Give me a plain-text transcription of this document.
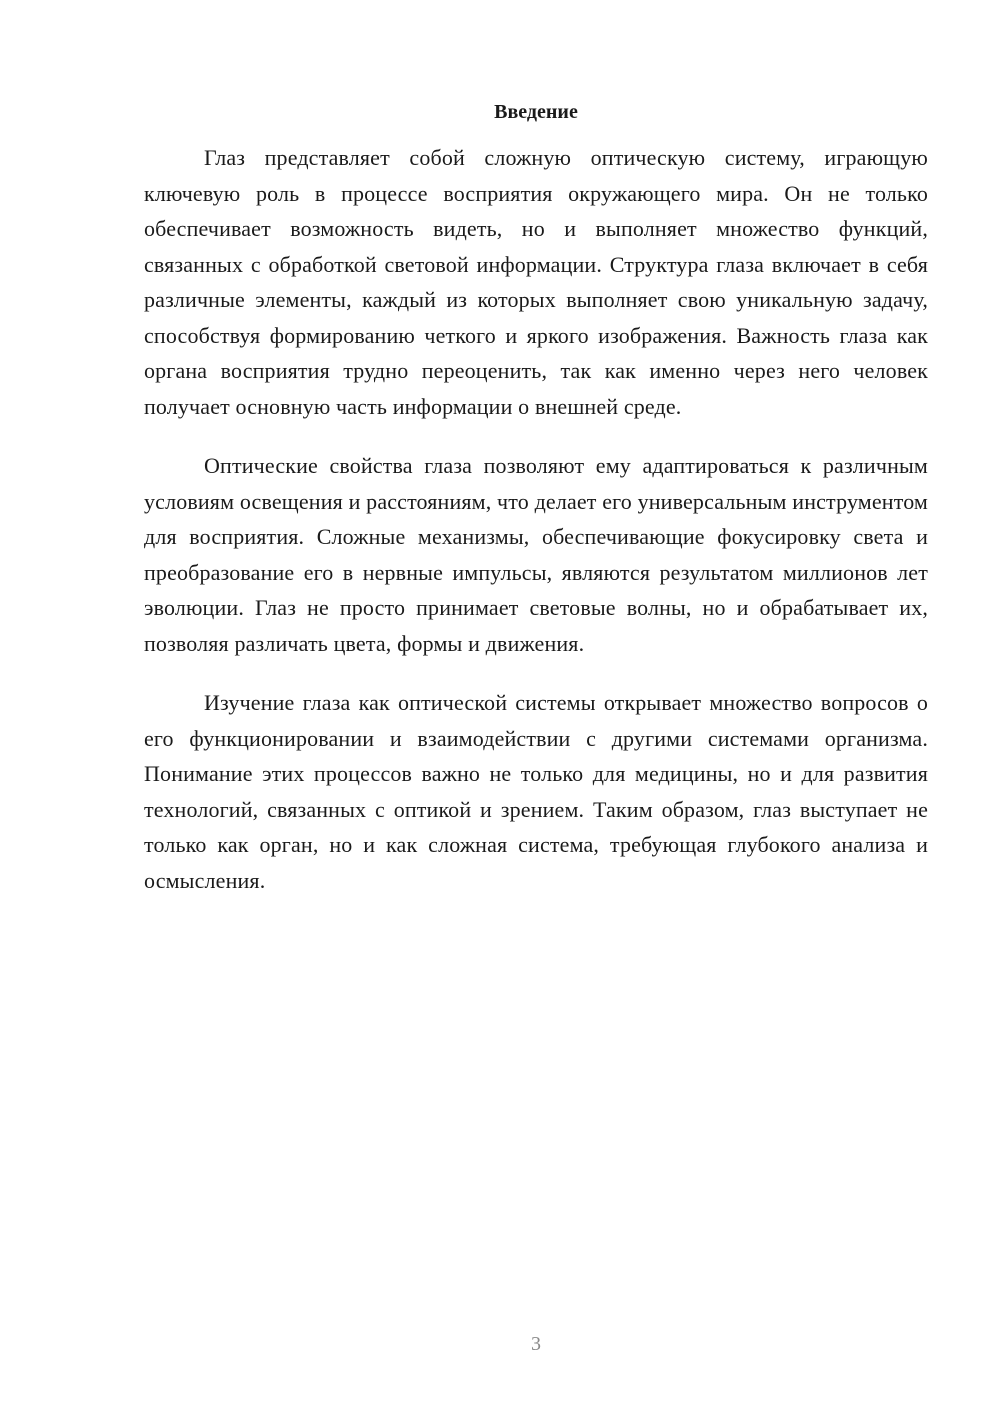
Введение

Глаз представляет собой сложную оптическую систему, играющую ключевую роль в процессе восприятия окружающего мира. Он не только обеспечивает возможность видеть, но и выполняет множество функций, связанных с обработкой световой информации. Структура глаза включает в себя различные элементы, каждый из которых выполняет свою уникальную задачу, способствуя формированию четкого и яркого изображения. Важность глаза как органа восприятия трудно переоценить, так как именно через него человек получает основную часть информации о внешней среде.

Оптические свойства глаза позволяют ему адаптироваться к различным условиям освещения и расстояниям, что делает его универсальным инструментом для восприятия. Сложные механизмы, обеспечивающие фокусировку света и преобразование его в нервные импульсы, являются результатом миллионов лет эволюции. Глаз не просто принимает световые волны, но и обрабатывает их, позволяя различать цвета, формы и движения.

Изучение глаза как оптической системы открывает множество вопросов о его функционировании и взаимодействии с другими системами организма. Понимание этих процессов важно не только для медицины, но и для развития технологий, связанных с оптикой и зрением. Таким образом, глаз выступает не только как орган, но и как сложная система, требующая глубокого анализа и осмысления.

3
